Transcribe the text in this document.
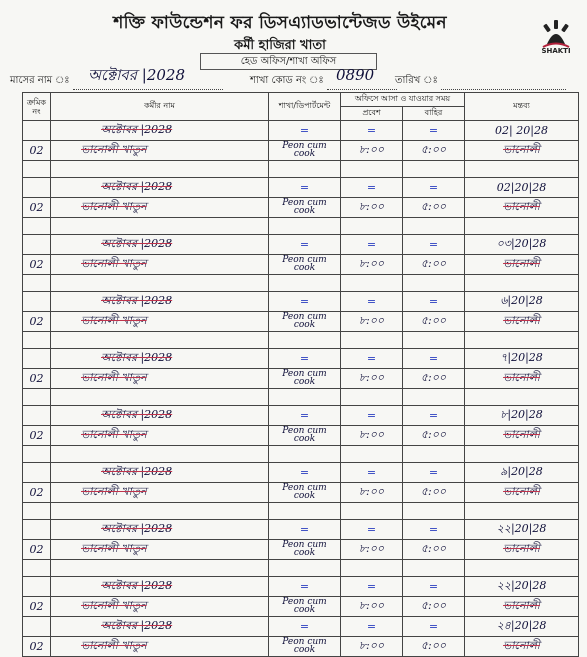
শক্তি ফাউন্ডেশন ফর ডিসএ্যাডভান্টেজড উইমেন
কর্মী হাজিরা খাতা	SHAKTI
হেড অফিস/শাখা অফিস
মাসের নাম ঃ	অক্টোবর |2028	শাখা কোড নং ঃ 0890 তারিখ ঃ
ক্রমিক নং	কর্মীর নাম	শাখা/ডিপার্টমেন্ট	অফিসে আসা ও যাওয়ার সময়		মন্তব্য
			প্রবেশ	বাহির	
	অক্টোবর |2028	=	=	=	02| 20|28
02	ভানোলী খাতুন	Peon cum cook	৮:০০	৫:০০	ভানোলী

	অক্টোবর |2028	=	=	=	02|20|28
02	ভানোলী খাতুন	Peon cum cook	৮:০০	৫:০০	ভানোলী

	অক্টোবর |2028	=	=	=	০৩|20|28
02	ভানোলী খাতুন	Peon cum cook	৮:০০	৫:০০	ভানোলী

	অক্টোবর |2028	=	=	=	৬|20|28
02	ভানোলী খাতুন	Peon cum cook	৮:০০	৫:০০	ভানোলী

	অক্টোবর |2028	=	=	=	৭|20|28
02	ভানোলী খাতুন	Peon cum cook	৮:০০	৫:০০	ভানোলী

	অক্টোবর |2028	=	=	=	৮|20|28
02	ভানোলী খাতুন	Peon cum cook	৮:০০	৫:০০	ভানোলী

	অক্টোবর |2028	=	=	=	৯|20|28
02	ভানোলী খাতুন	Peon cum cook	৮:০০	৫:০০	ভানোলী

	অক্টোবর |2028	=	=	=	২২|20|28
02	ভানোলী খাতুন	Peon cum cook	৮:০০	৫:০০	ভানোলী

	অক্টোবর |2028	=	=	=	২২|20|28
02	ভানোলী খাতুন	Peon cum cook	৮:০০	৫:০০	ভানোলী
	অক্টোবর |2028	=	=	=	২৪|20|28
02	ভানোলী খাতুন	Peon cum cook	৮:০০	৫:০০	ভানোলী
